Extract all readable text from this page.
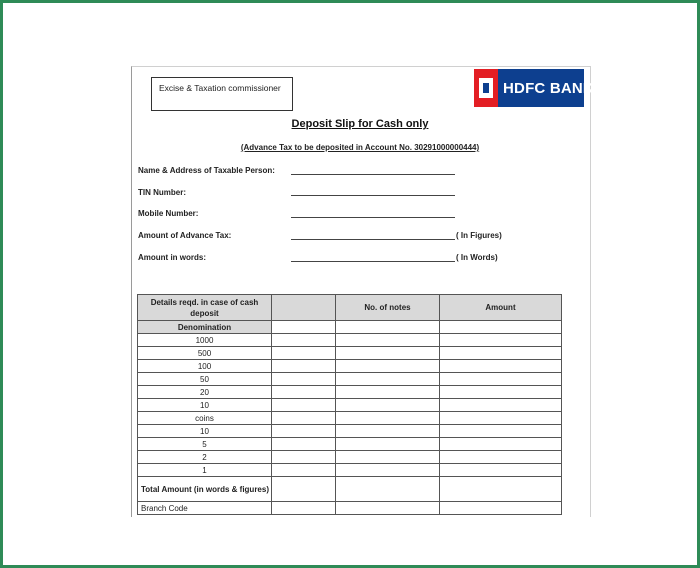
Excise & Taxation commissioner	HDFC BANK
Deposit Slip for Cash only
(Advance Tax to be deposited in Account No. 30291000000444)
Name & Address of Taxable Person:
TIN Number:
Mobile Number:
Amount of Advance Tax:	( In Figures)
Amount in words:	( In Words)
Details reqd. in case of cash deposit		No. of notes	Amount
Denomination			
1000			
500			
100			
50			
20			
10			
coins			
10			
5			
2			
1			
Total Amount (in words & figures)			
Branch Code			
